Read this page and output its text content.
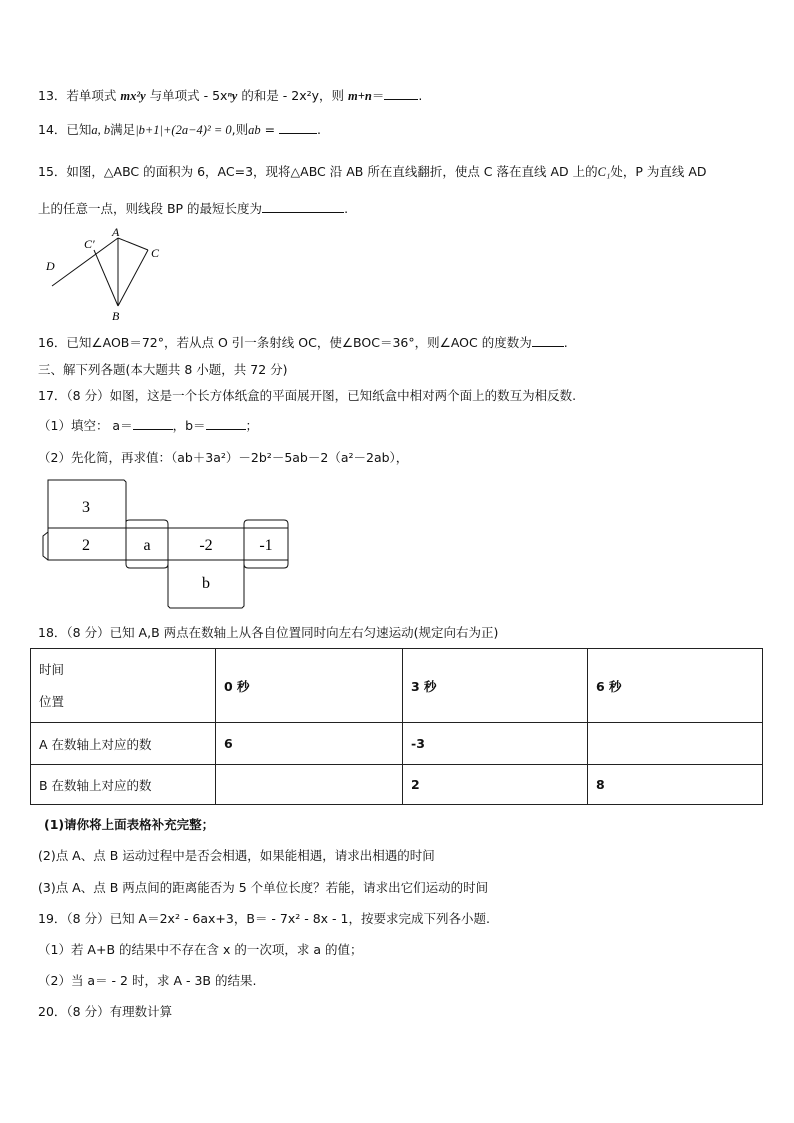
13．若单项式 mx²y 与单项式 - 5xⁿy 的和是 - 2x²y，则 m+n＝	.
14．已知a, b满足|b+1|+(2a−4)² = 0,则ab =	.
15．如图，△ABC 的面积为 6，AC=3，现将△ABC 沿 AB 所在直线翻折，使点 C 落在直线 AD 上的C₁处，P 为直线 AD
上的任意一点，则线段 BP 的最短长度为	.
A
C′
C
D
B
16．已知∠AOB＝72°，若从点 O 引一条射线 OC，使∠BOC＝36°，则∠AOC 的度数为	.
三、解下列各题(本大题共 8 小题，共 72 分)
17．（8 分）如图，这是一个长方体纸盒的平面展开图，已知纸盒中相对两个面上的数互为相反数.
（1）填空： a＝	，b＝	；
（2）先化简，再求值：（ab＋3a²）－2b²－5ab－2（a²－2ab），
3
2	a	-2	-1
b
18．（8 分）已知 A,B 两点在数轴上从各自位置同时向左右匀速运动(规定向右为正)
时间
位置	0 秒	3 秒	6 秒
A 在数轴上对应的数	6	-3	
B 在数轴上对应的数		2	8
(1)请你将上面表格补充完整；
(2)点 A、点 B 运动过程中是否会相遇，如果能相遇，请求出相遇的时间
(3)点 A、点 B 两点间的距离能否为 5 个单位长度？若能，请求出它们运动的时间
19．（8 分）已知 A＝2x² - 6ax+3，B＝ - 7x² - 8x - 1，按要求完成下列各小题.
（1）若 A+B 的结果中不存在含 x 的一次项，求 a 的值；
（2）当 a＝ - 2 时，求 A - 3B 的结果.
20．（8 分）有理数计算
